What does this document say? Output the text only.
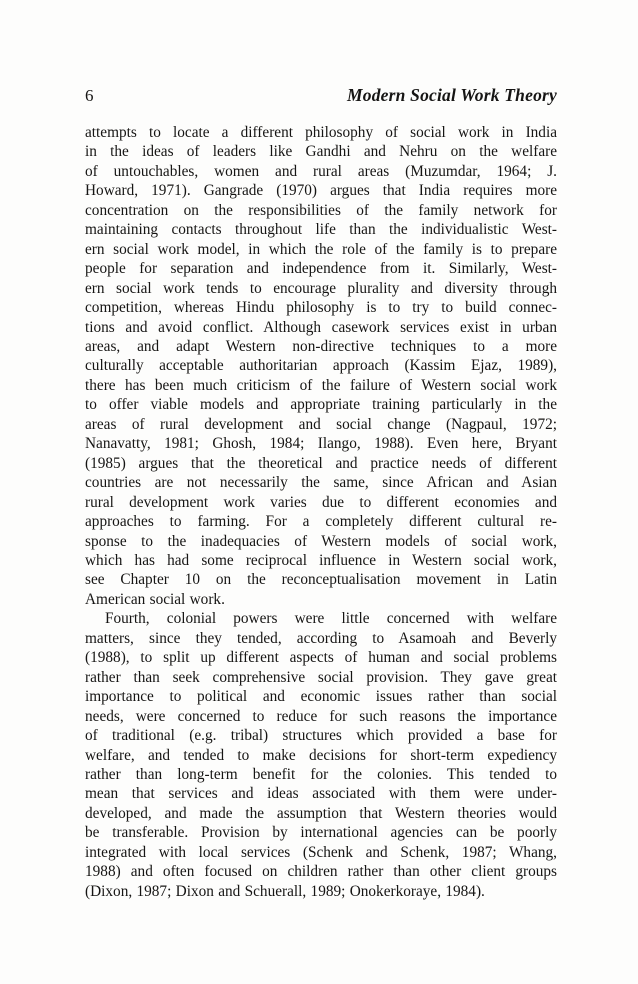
6	Modern Social Work Theory
attempts to locate a different philosophy of social work in India
in the ideas of leaders like Gandhi and Nehru on the welfare
of untouchables, women and rural areas (Muzumdar, 1964; J.
Howard, 1971). Gangrade (1970) argues that India requires more
concentration on the responsibilities of the family network for
maintaining contacts throughout life than the individualistic West-
ern social work model, in which the role of the family is to prepare
people for separation and independence from it. Similarly, West-
ern social work tends to encourage plurality and diversity through
competition, whereas Hindu philosophy is to try to build connec-
tions and avoid conflict. Although casework services exist in urban
areas, and adapt Western non-directive techniques to a more
culturally acceptable authoritarian approach (Kassim Ejaz, 1989),
there has been much criticism of the failure of Western social work
to offer viable models and appropriate training particularly in the
areas of rural development and social change (Nagpaul, 1972;
Nanavatty, 1981; Ghosh, 1984; Ilango, 1988). Even here, Bryant
(1985) argues that the theoretical and practice needs of different
countries are not necessarily the same, since African and Asian
rural development work varies due to different economies and
approaches to farming. For a completely different cultural re-
sponse to the inadequacies of Western models of social work,
which has had some reciprocal influence in Western social work,
see Chapter 10 on the reconceptualisation movement in Latin
American social work.
Fourth, colonial powers were little concerned with welfare
matters, since they tended, according to Asamoah and Beverly
(1988), to split up different aspects of human and social problems
rather than seek comprehensive social provision. They gave great
importance to political and economic issues rather than social
needs, were concerned to reduce for such reasons the importance
of traditional (e.g. tribal) structures which provided a base for
welfare, and tended to make decisions for short-term expediency
rather than long-term benefit for the colonies. This tended to
mean that services and ideas associated with them were under-
developed, and made the assumption that Western theories would
be transferable. Provision by international agencies can be poorly
integrated with local services (Schenk and Schenk, 1987; Whang,
1988) and often focused on children rather than other client groups
(Dixon, 1987; Dixon and Schuerall, 1989; Onokerkoraye, 1984).
